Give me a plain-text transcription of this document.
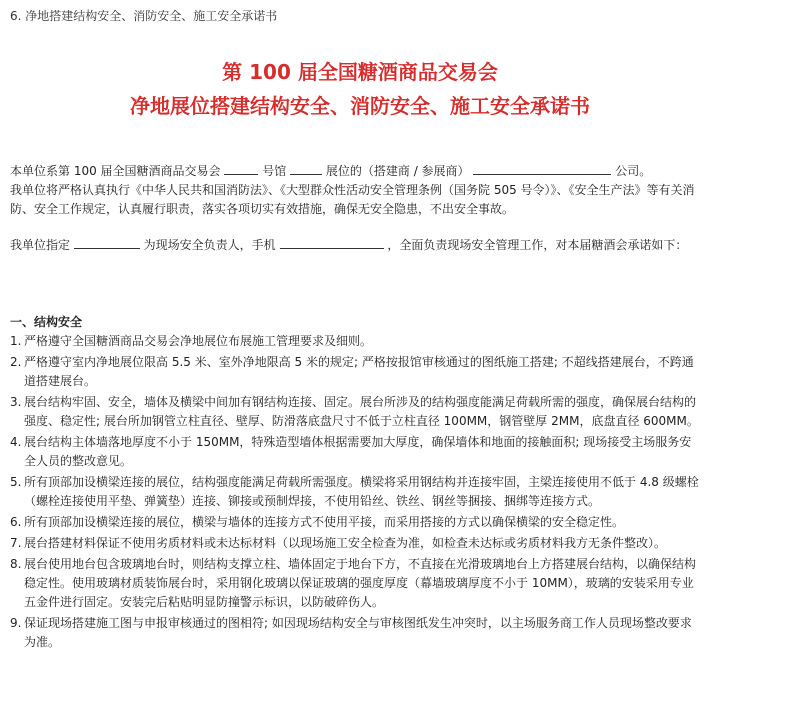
6. 净地搭建结构安全、消防安全、施工安全承诺书
第 100 届全国糖酒商品交易会
净地展位搭建结构安全、消防安全、施工安全承诺书
本单位系第 100 届全国糖酒商品交易会	号馆	展位的（搭建商 / 参展商）	公司。
我单位将严格认真执行《中华人民共和国消防法》、《大型群众性活动安全管理条例（国务院 505 号令）》、《安全生产法》等有关消防、安全工作规定，认真履行职责，落实各项切实有效措施，确保无安全隐患，不出安全事故。
我单位指定	为现场安全负责人，手机	，全面负责现场安全管理工作，对本届糖酒会承诺如下：
一、结构安全
1. 严格遵守全国糖酒商品交易会净地展位布展施工管理要求及细则。
2. 严格遵守室内净地展位限高 5.5 米、室外净地限高 5 米的规定; 严格按报馆审核通过的图纸施工搭建; 不超线搭建展台，不跨通道搭建展台。
3. 展台结构牢固、安全，墙体及横梁中间加有钢结构连接、固定。展台所涉及的结构强度能满足荷载所需的强度，确保展台结构的强度、稳定性; 展台所加钢管立柱直径、壁厚、防滑落底盘尺寸不低于立柱直径 100MM，钢管壁厚 2MM，底盘直径 600MM。
4. 展台结构主体墙落地厚度不小于 150MM，特殊造型墙体根据需要加大厚度，确保墙体和地面的接触面积; 现场接受主场服务安全人员的整改意见。
5. 所有顶部加设横梁连接的展位，结构强度能满足荷载所需强度。横梁将采用钢结构并连接牢固，主梁连接使用不低于 4.8 级螺栓（螺栓连接使用平垫、弹簧垫）连接、铆接或预制焊接，不使用铅丝、铁丝、钢丝等捆接、捆绑等连接方式。
6. 所有顶部加设横梁连接的展位，横梁与墙体的连接方式不使用平接，而采用搭接的方式以确保横梁的安全稳定性。
7. 展台搭建材料保证不使用劣质材料或未达标材料（以现场施工安全检查为准，如检查未达标或劣质材料我方无条件整改）。
8. 展台使用地台包含玻璃地台时，则结构支撑立柱、墙体固定于地台下方，不直接在光滑玻璃地台上方搭建展台结构，以确保结构稳定性。使用玻璃材质装饰展台时，采用钢化玻璃以保证玻璃的强度厚度（幕墙玻璃厚度不小于 10MM），玻璃的安装采用专业五金件进行固定。安装完后粘贴明显防撞警示标识，以防破碎伤人。
9. 保证现场搭建施工图与申报审核通过的图相符; 如因现场结构安全与审核图纸发生冲突时，以主场服务商工作人员现场整改要求为准。
